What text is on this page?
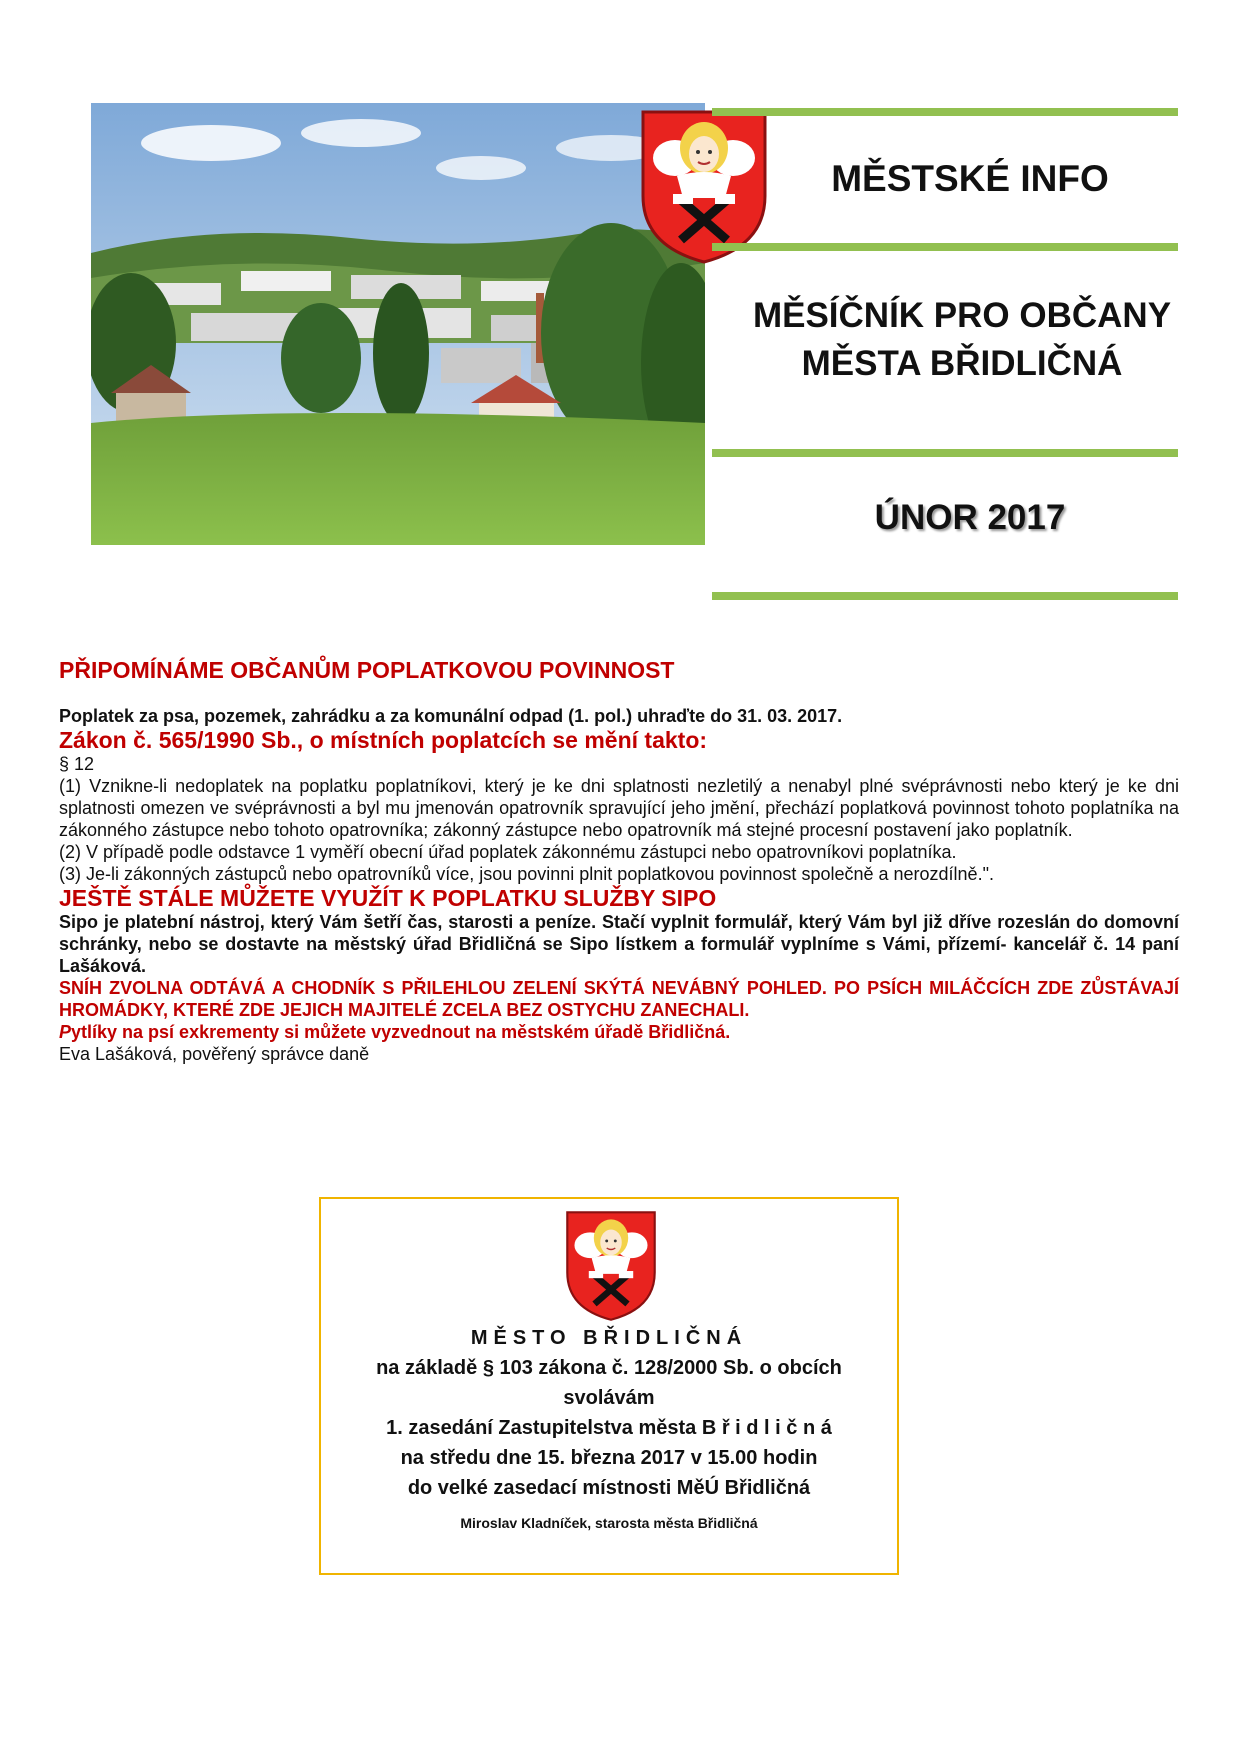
MĚSTSKÉ INFO
MĚSÍČNÍK PRO OBČANY
MĚSTA BŘIDLIČNÁ
ÚNOR 2017

PŘIPOMÍNÁME OBČANŮM POPLATKOVOU POVINNOST

Poplatek za psa, pozemek, zahrádku a za komunální odpad (1. pol.) uhraďte do 31. 03. 2017.

Zákon č. 565/1990 Sb., o místních poplatcích se mění takto:

§ 12

(1) Vznikne-li nedoplatek na poplatku poplatníkovi, který je ke dni splatnosti nezletilý a nenabyl plné svéprávnosti nebo který je ke dni splatnosti omezen ve svéprávnosti a byl mu jmenován opatrovník spravující jeho jmění, přechází poplatková povinnost tohoto poplatníka na zákonného zástupce nebo tohoto opatrovníka; zákonný zástupce nebo opatrovník má stejné procesní postavení jako poplatník.

(2) V případě podle odstavce 1 vyměří obecní úřad poplatek zákonnému zástupci nebo opatrovníkovi poplatníka.

(3) Je-li zákonných zástupců nebo opatrovníků více, jsou povinni plnit poplatkovou povinnost společně a nerozdílně.".

JEŠTĚ STÁLE MŮŽETE VYUŽÍT K POPLATKU SLUŽBY SIPO

Sipo je platební nástroj, který Vám šetří čas, starosti a peníze. Stačí vyplnit formulář, který Vám byl již dříve rozeslán do domovní schránky, nebo se dostavte na městský úřad Břidličná se Sipo lístkem a formulář vyplníme s Vámi, přízemí- kancelář č. 14 paní Lašáková.

SNÍH ZVOLNA ODTÁVÁ A CHODNÍK S PŘILEHLOU ZELENÍ SKÝTÁ NEVÁBNÝ POHLED. PO PSÍCH MILÁČCÍCH ZDE ZŮSTÁVAJÍ HROMÁDKY, KTERÉ ZDE JEJICH MAJITELÉ ZCELA BEZ OSTYCHU ZANECHALI.

Pytlíky na psí exkrementy si můžete vyzvednout na městském úřadě Břidličná.

Eva Lašáková, pověřený správce daně

MĚSTO BŘIDLIČNÁ
na základě § 103 zákona č. 128/2000 Sb. o obcích
svolávám
1. zasedání Zastupitelstva města B ř i d l i č n á
na středu dne 15. března 2017 v 15.00 hodin
do velké zasedací místnosti MěÚ Břidličná
Miroslav Kladníček, starosta města Břidličná
